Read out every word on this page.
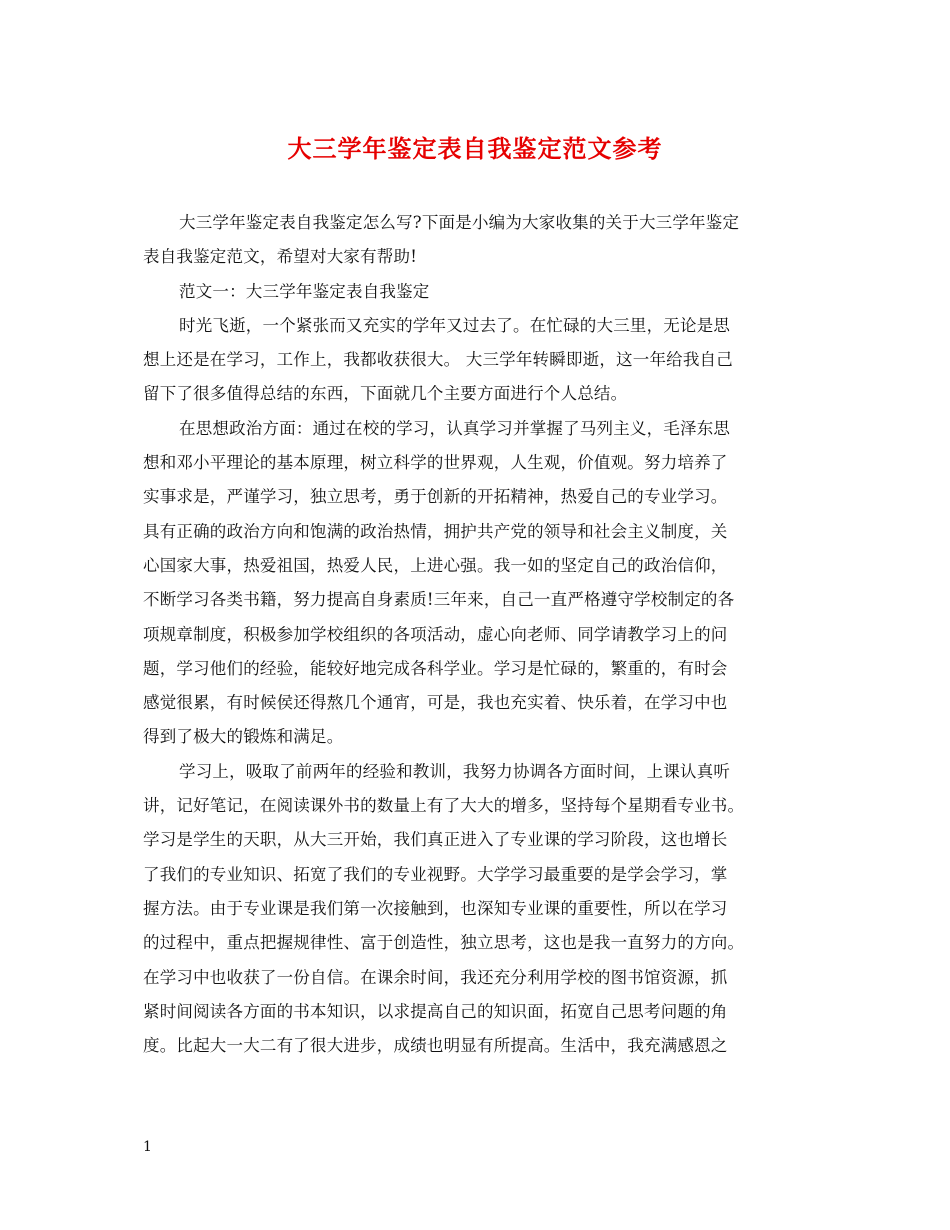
大三学年鉴定表自我鉴定范文参考
大三学年鉴定表自我鉴定怎么写?下面是小编为大家收集的关于大三学年鉴定
表自我鉴定范文，希望对大家有帮助!
范文一：大三学年鉴定表自我鉴定
时光飞逝，一个紧张而又充实的学年又过去了。在忙碌的大三里，无论是思
想上还是在学习，工作上，我都收获很大。 大三学年转瞬即逝，这一年给我自己
留下了很多值得总结的东西，下面就几个主要方面进行个人总结。
在思想政治方面：通过在校的学习，认真学习并掌握了马列主义，毛泽东思
想和邓小平理论的基本原理，树立科学的世界观，人生观，价值观。努力培养了
实事求是，严谨学习，独立思考，勇于创新的开拓精神，热爱自己的专业学习。
具有正确的政治方向和饱满的政治热情，拥护共产党的领导和社会主义制度，关
心国家大事，热爱祖国，热爱人民，上进心强。我一如的坚定自己的政治信仰，
不断学习各类书籍，努力提高自身素质!三年来，自己一直严格遵守学校制定的各
项规章制度，积极参加学校组织的各项活动，虚心向老师、同学请教学习上的问
题，学习他们的经验，能较好地完成各科学业。学习是忙碌的，繁重的，有时会
感觉很累，有时候侯还得熬几个通宵，可是，我也充实着、快乐着，在学习中也
得到了极大的锻炼和满足。
学习上，吸取了前两年的经验和教训，我努力协调各方面时间，上课认真听
讲，记好笔记，在阅读课外书的数量上有了大大的增多，坚持每个星期看专业书。
学习是学生的天职，从大三开始，我们真正进入了专业课的学习阶段，这也增长
了我们的专业知识、拓宽了我们的专业视野。大学学习最重要的是学会学习，掌
握方法。由于专业课是我们第一次接触到，也深知专业课的重要性，所以在学习
的过程中，重点把握规律性、富于创造性，独立思考，这也是我一直努力的方向。
在学习中也收获了一份自信。在课余时间，我还充分利用学校的图书馆资源，抓
紧时间阅读各方面的书本知识，以求提高自己的知识面，拓宽自己思考问题的角
度。比起大一大二有了很大进步，成绩也明显有所提高。生活中，我充满感恩之
1
